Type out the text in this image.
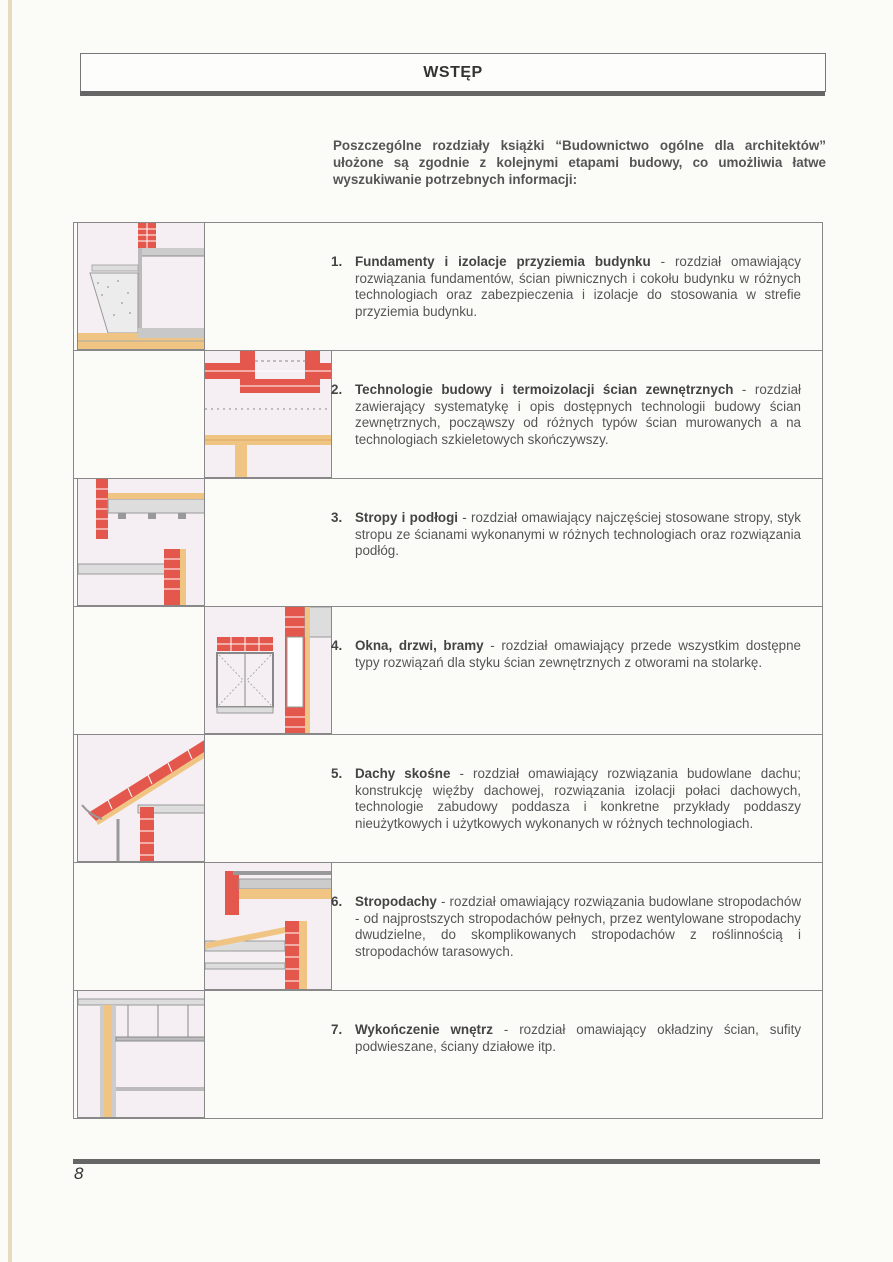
WSTĘP
Poszczególne rozdziały książki “Budownictwo ogólne dla architektów” ułożone są zgodnie z kolejnymi etapami budowy, co umożliwia łatwe wyszukiwanie potrzebnych informacji:
1. Fundamenty i izolacje przyziemia budynku - rozdział omawiający rozwiązania fundamentów, ścian piwnicznych i cokołu budynku w różnych technologiach oraz zabezpieczenia i izolacje do stosowania w strefie przyziemia budynku.
2. Technologie budowy i termoizolacji ścian zewnętrznych - rozdział zawierający systematykę i opis dostępnych technologii budowy ścian zewnętrznych, począwszy od różnych typów ścian murowanych a na technologiach szkieletowych skończywszy.
3. Stropy i podłogi - rozdział omawiający najczęściej stosowane stropy, styk stropu ze ścianami wykonanymi w różnych technologiach oraz rozwiązania podłóg.
4. Okna, drzwi, bramy - rozdział omawiający przede wszystkim dostępne typy rozwiązań dla styku ścian zewnętrznych z otworami na stolarkę.
5. Dachy skośne - rozdział omawiający rozwiązania budowlane dachu; konstrukcję więźby dachowej, rozwiązania izolacji połaci dachowych, technologie zabudowy poddasza i konkretne przykłady poddaszy nieużytkowych i użytkowych wykonanych w różnych technologiach.
6. Stropodachy - rozdział omawiający rozwiązania budowlane stropodachów - od najprostszych stropodachów pełnych, przez wentylowane stropodachy dwudzielne, do skomplikowanych stropodachów z roślinnością i stropodachów tarasowych.
7. Wykończenie wnętrz - rozdział omawiający okładziny ścian, sufity podwieszane, ściany działowe itp.
8
